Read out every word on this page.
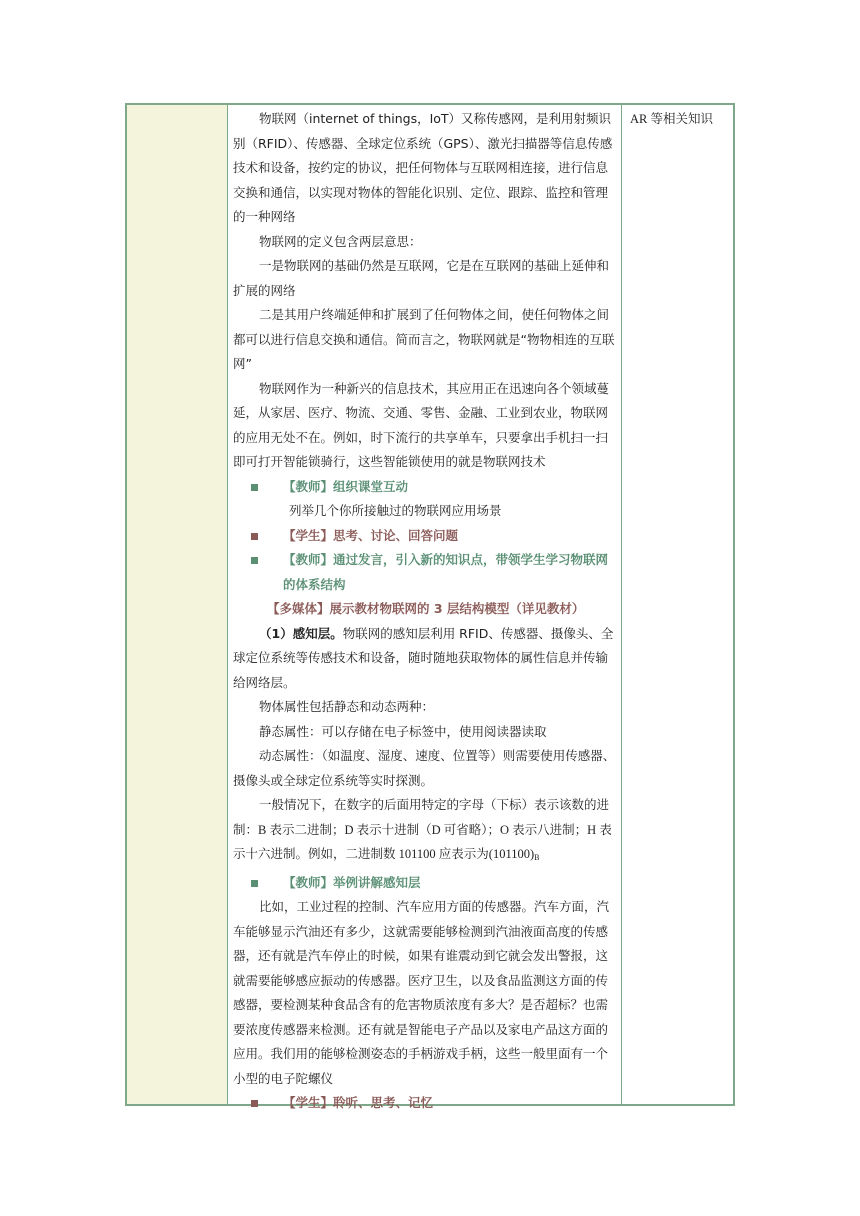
AR 等相关知识

物联网（internet of things，IoT）又称传感网，是利用射频识别（RFID）、传感器、全球定位系统（GPS）、激光扫描器等信息传感技术和设备，按约定的协议，把任何物体与互联网相连接，进行信息交换和通信，以实现对物体的智能化识别、定位、跟踪、监控和管理的一种网络

物联网的定义包含两层意思：

一是物联网的基础仍然是互联网，它是在互联网的基础上延伸和扩展的网络

二是其用户终端延伸和扩展到了任何物体之间，使任何物体之间都可以进行信息交换和通信。简而言之，物联网就是“物物相连的互联网”

物联网作为一种新兴的信息技术，其应用正在迅速向各个领域蔓延，从家居、医疗、物流、交通、零售、金融、工业到农业，物联网的应用无处不在。例如，时下流行的共享单车，只要拿出手机扫一扫即可打开智能锁骑行，这些智能锁使用的就是物联网技术

【教师】组织课堂互动

列举几个你所接触过的物联网应用场景

【学生】思考、讨论、回答问题

【教师】通过发言，引入新的知识点，带领学生学习物联网的体系结构

【多媒体】展示教材物联网的 3 层结构模型（详见教材）

（1）感知层。物联网的感知层利用 RFID、传感器、摄像头、全球定位系统等传感技术和设备，随时随地获取物体的属性信息并传输给网络层。

物体属性包括静态和动态两种：

静态属性：可以存储在电子标签中，使用阅读器读取

动态属性：（如温度、湿度、速度、位置等）则需要使用传感器、摄像头或全球定位系统等实时探测。

一般情况下，在数字的后面用特定的字母（下标）表示该数的进制：B 表示二进制；D 表示十进制（D 可省略）；O 表示八进制；H 表示十六进制。例如，二进制数 101100 应表示为$(101100)_B$

【教师】举例讲解感知层

比如，工业过程的控制、汽车应用方面的传感器。汽车方面，汽车能够显示汽油还有多少，这就需要能够检测到汽油液面高度的传感器，还有就是汽车停止的时候，如果有谁震动到它就会发出警报，这就需要能够感应振动的传感器。医疗卫生，以及食品监测这方面的传感器，要检测某种食品含有的危害物质浓度有多大？是否超标？也需要浓度传感器来检测。还有就是智能电子产品以及家电产品这方面的应用。我们用的能够检测姿态的手柄游戏手柄，这些一般里面有一个小型的电子陀螺仪

【学生】聆听、思考、记忆
